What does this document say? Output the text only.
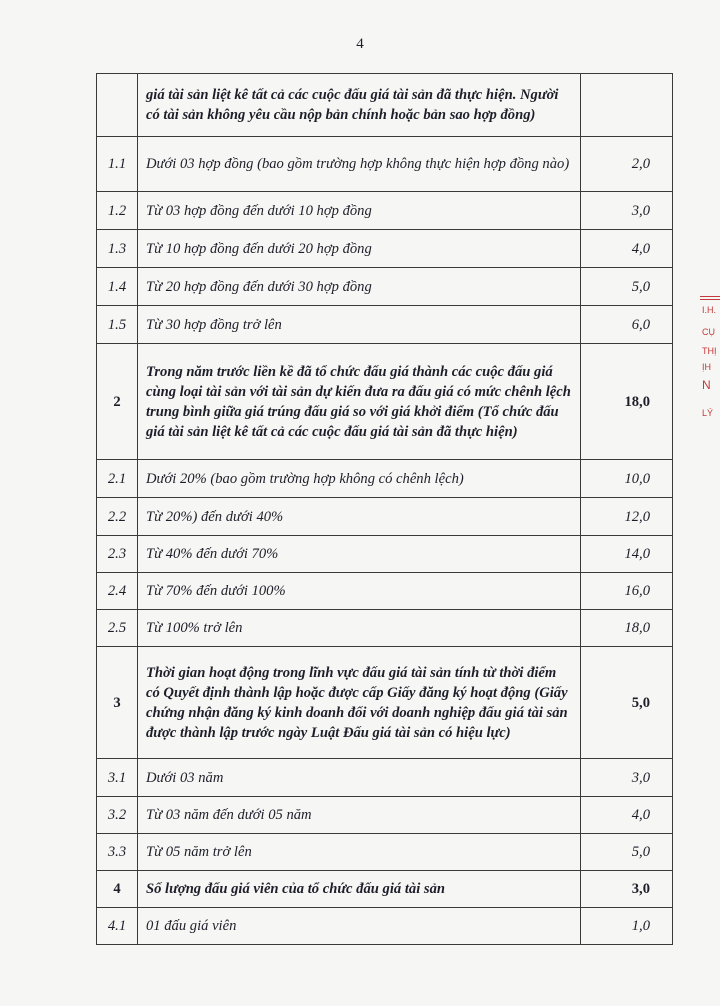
4
	giá tài sản liệt kê tất cả các cuộc đấu giá tài sản đã thực hiện. Người có tài sản không yêu cầu nộp bản chính hoặc bản sao hợp đồng)	
1.1	Dưới 03 hợp đồng (bao gồm trường hợp không thực hiện hợp đồng nào)	2,0
1.2	Từ 03 hợp đồng đến dưới 10 hợp đồng	3,0
1.3	Từ 10 hợp đồng đến dưới 20 hợp đồng	4,0
1.4	Từ 20 hợp đồng đến dưới 30 hợp đồng	5,0
1.5	Từ 30 hợp đồng trở lên	6,0
2	Trong năm trước liền kề đã tổ chức đấu giá thành các cuộc đấu giá cùng loại tài sản với tài sản dự kiến đưa ra đấu giá có mức chênh lệch trung bình giữa giá trúng đấu giá so với giá khởi điểm (Tổ chức đấu giá tài sản liệt kê tất cả các cuộc đấu giá tài sản đã thực hiện)	18,0
2.1	Dưới 20% (bao gồm trường hợp không có chênh lệch)	10,0
2.2	Từ 20%) đến dưới 40%	12,0
2.3	Từ 40% đến dưới 70%	14,0
2.4	Từ 70% đến dưới 100%	16,0
2.5	Từ 100% trở lên	18,0
3	Thời gian hoạt động trong lĩnh vực đấu giá tài sản tính từ thời điểm có Quyết định thành lập hoặc được cấp Giấy đăng ký hoạt động (Giấy chứng nhận đăng ký kinh doanh đối với doanh nghiệp đấu giá tài sản được thành lập trước ngày Luật Đấu giá tài sản có hiệu lực)	5,0
3.1	Dưới 03 năm	3,0
3.2	Từ 03 năm đến dưới 05 năm	4,0
3.3	Từ 05 năm trở lên	5,0
4	Số lượng đấu giá viên của tổ chức đấu giá tài sản	3,0
4.1	01 đấu giá viên	1,0
I.H.
CỤ
THỊ
ỊH
N
LÝ
